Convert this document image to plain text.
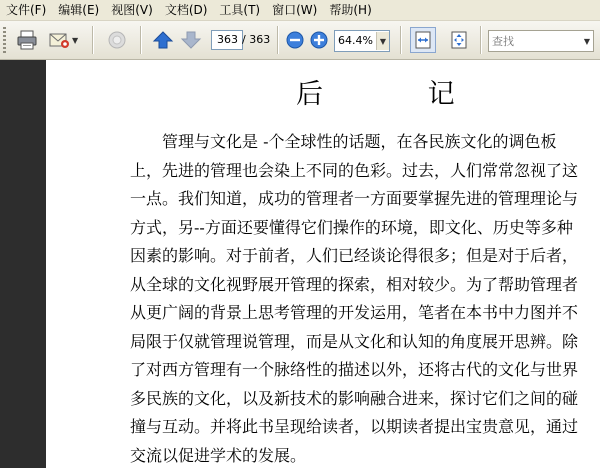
文件(F)	编辑(E)	视图(V)	文档(D)	工具(T)	窗口(W)	帮助(H)
▼
363	/ 363	64.4% ▼
查找	▼
后 记
管理与文化是 -个全球性的话题，在各民族文化的调色板
上，先进的管理也会染上不同的色彩。过去，人们常常忽视了这
一点。我们知道，成功的管理者一方面要掌握先进的管理理论与
方式，另--方面还要懂得它们操作的环境，即文化、历史等多种
因素的影响。对于前者，人们已经谈论得很多；但是对于后者，
从全球的文化视野展开管理的探索，相对较少。为了帮助管理者
从更广阔的背景上思考管理的开发运用，笔者在本书中力图并不
局限于仅就管理说管理，而是从文化和认知的角度展开思辨。除
了对西方管理有一个脉络性的描述以外，还将古代的文化与世界
多民族的文化，以及新技术的影响融合进来，探讨它们之间的碰
撞与互动。并将此书呈现给读者，以期读者提出宝贵意见，通过
交流以促进学术的发展。
